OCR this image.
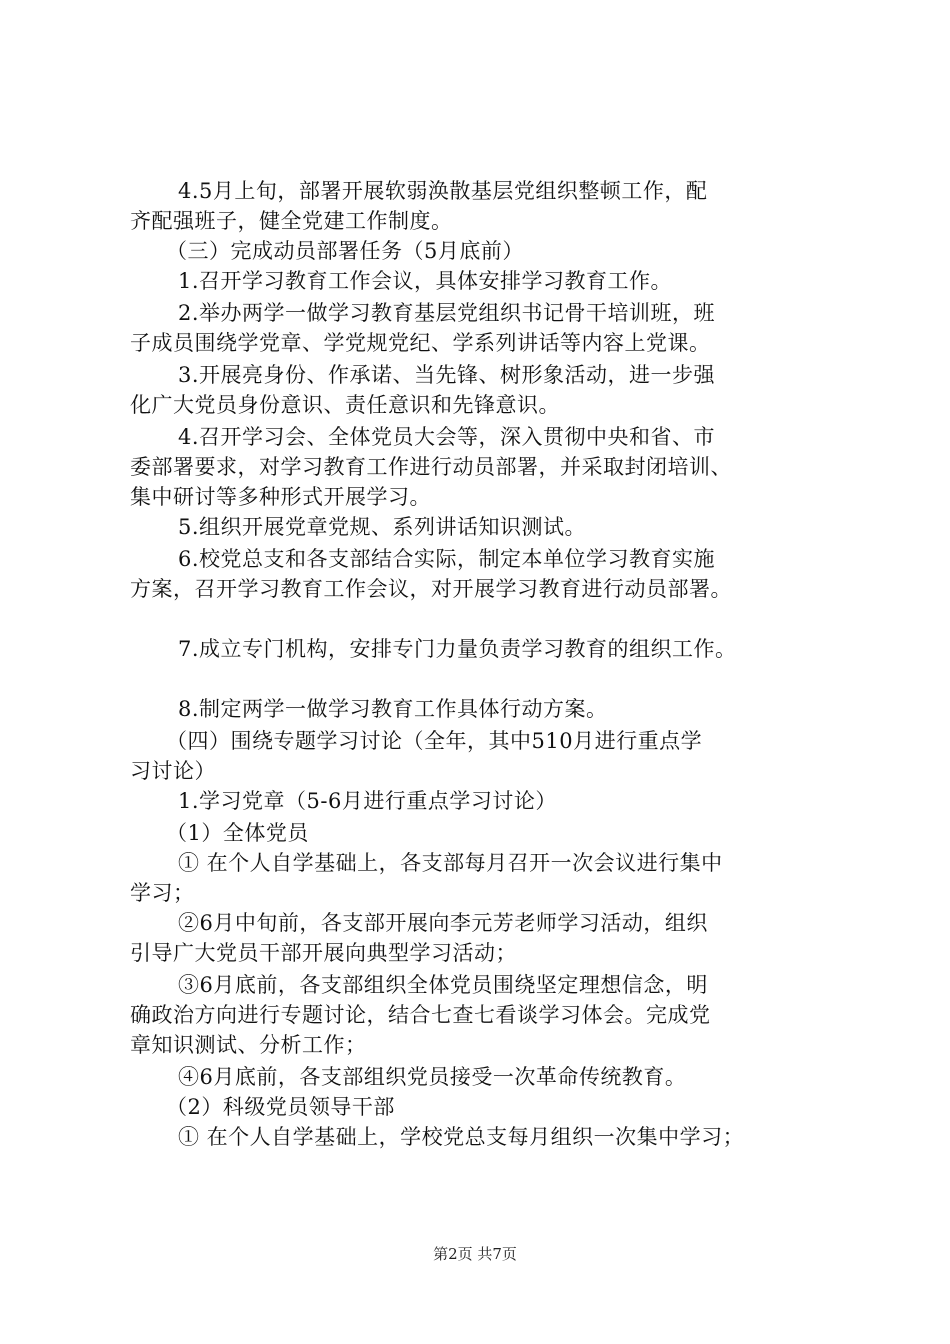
4.5月上旬，部署开展软弱涣散基层党组织整顿工作，配
齐配强班子，健全党建工作制度。
（三）完成动员部署任务（5月底前）
1.召开学习教育工作会议，具体安排学习教育工作。
2.举办两学一做学习教育基层党组织书记骨干培训班，班
子成员围绕学党章、学党规党纪、学系列讲话等内容上党课。
3.开展亮身份、作承诺、当先锋、树形象活动，进一步强
化广大党员身份意识、责任意识和先锋意识。
4.召开学习会、全体党员大会等，深入贯彻中央和省、市
委部署要求，对学习教育工作进行动员部署，并采取封闭培训、
集中研讨等多种形式开展学习。
5.组织开展党章党规、系列讲话知识测试。
6.校党总支和各支部结合实际，制定本单位学习教育实施
方案，召开学习教育工作会议，对开展学习教育进行动员部署。
7.成立专门机构，安排专门力量负责学习教育的组织工作。
8.制定两学一做学习教育工作具体行动方案。
（四）围绕专题学习讨论（全年，其中510月进行重点学
习讨论）
1.学习党章（5-6月进行重点学习讨论）
（1）全体党员
① 在个人自学基础上，各支部每月召开一次会议进行集中
学习；
②6月中旬前，各支部开展向李元芳老师学习活动，组织
引导广大党员干部开展向典型学习活动；
③6月底前，各支部组织全体党员围绕坚定理想信念，明
确政治方向进行专题讨论，结合七查七看谈学习体会。完成党
章知识测试、分析工作；
④6月底前，各支部组织党员接受一次革命传统教育。
（2）科级党员领导干部
① 在个人自学基础上，学校党总支每月组织一次集中学习；
第2页 共7页
